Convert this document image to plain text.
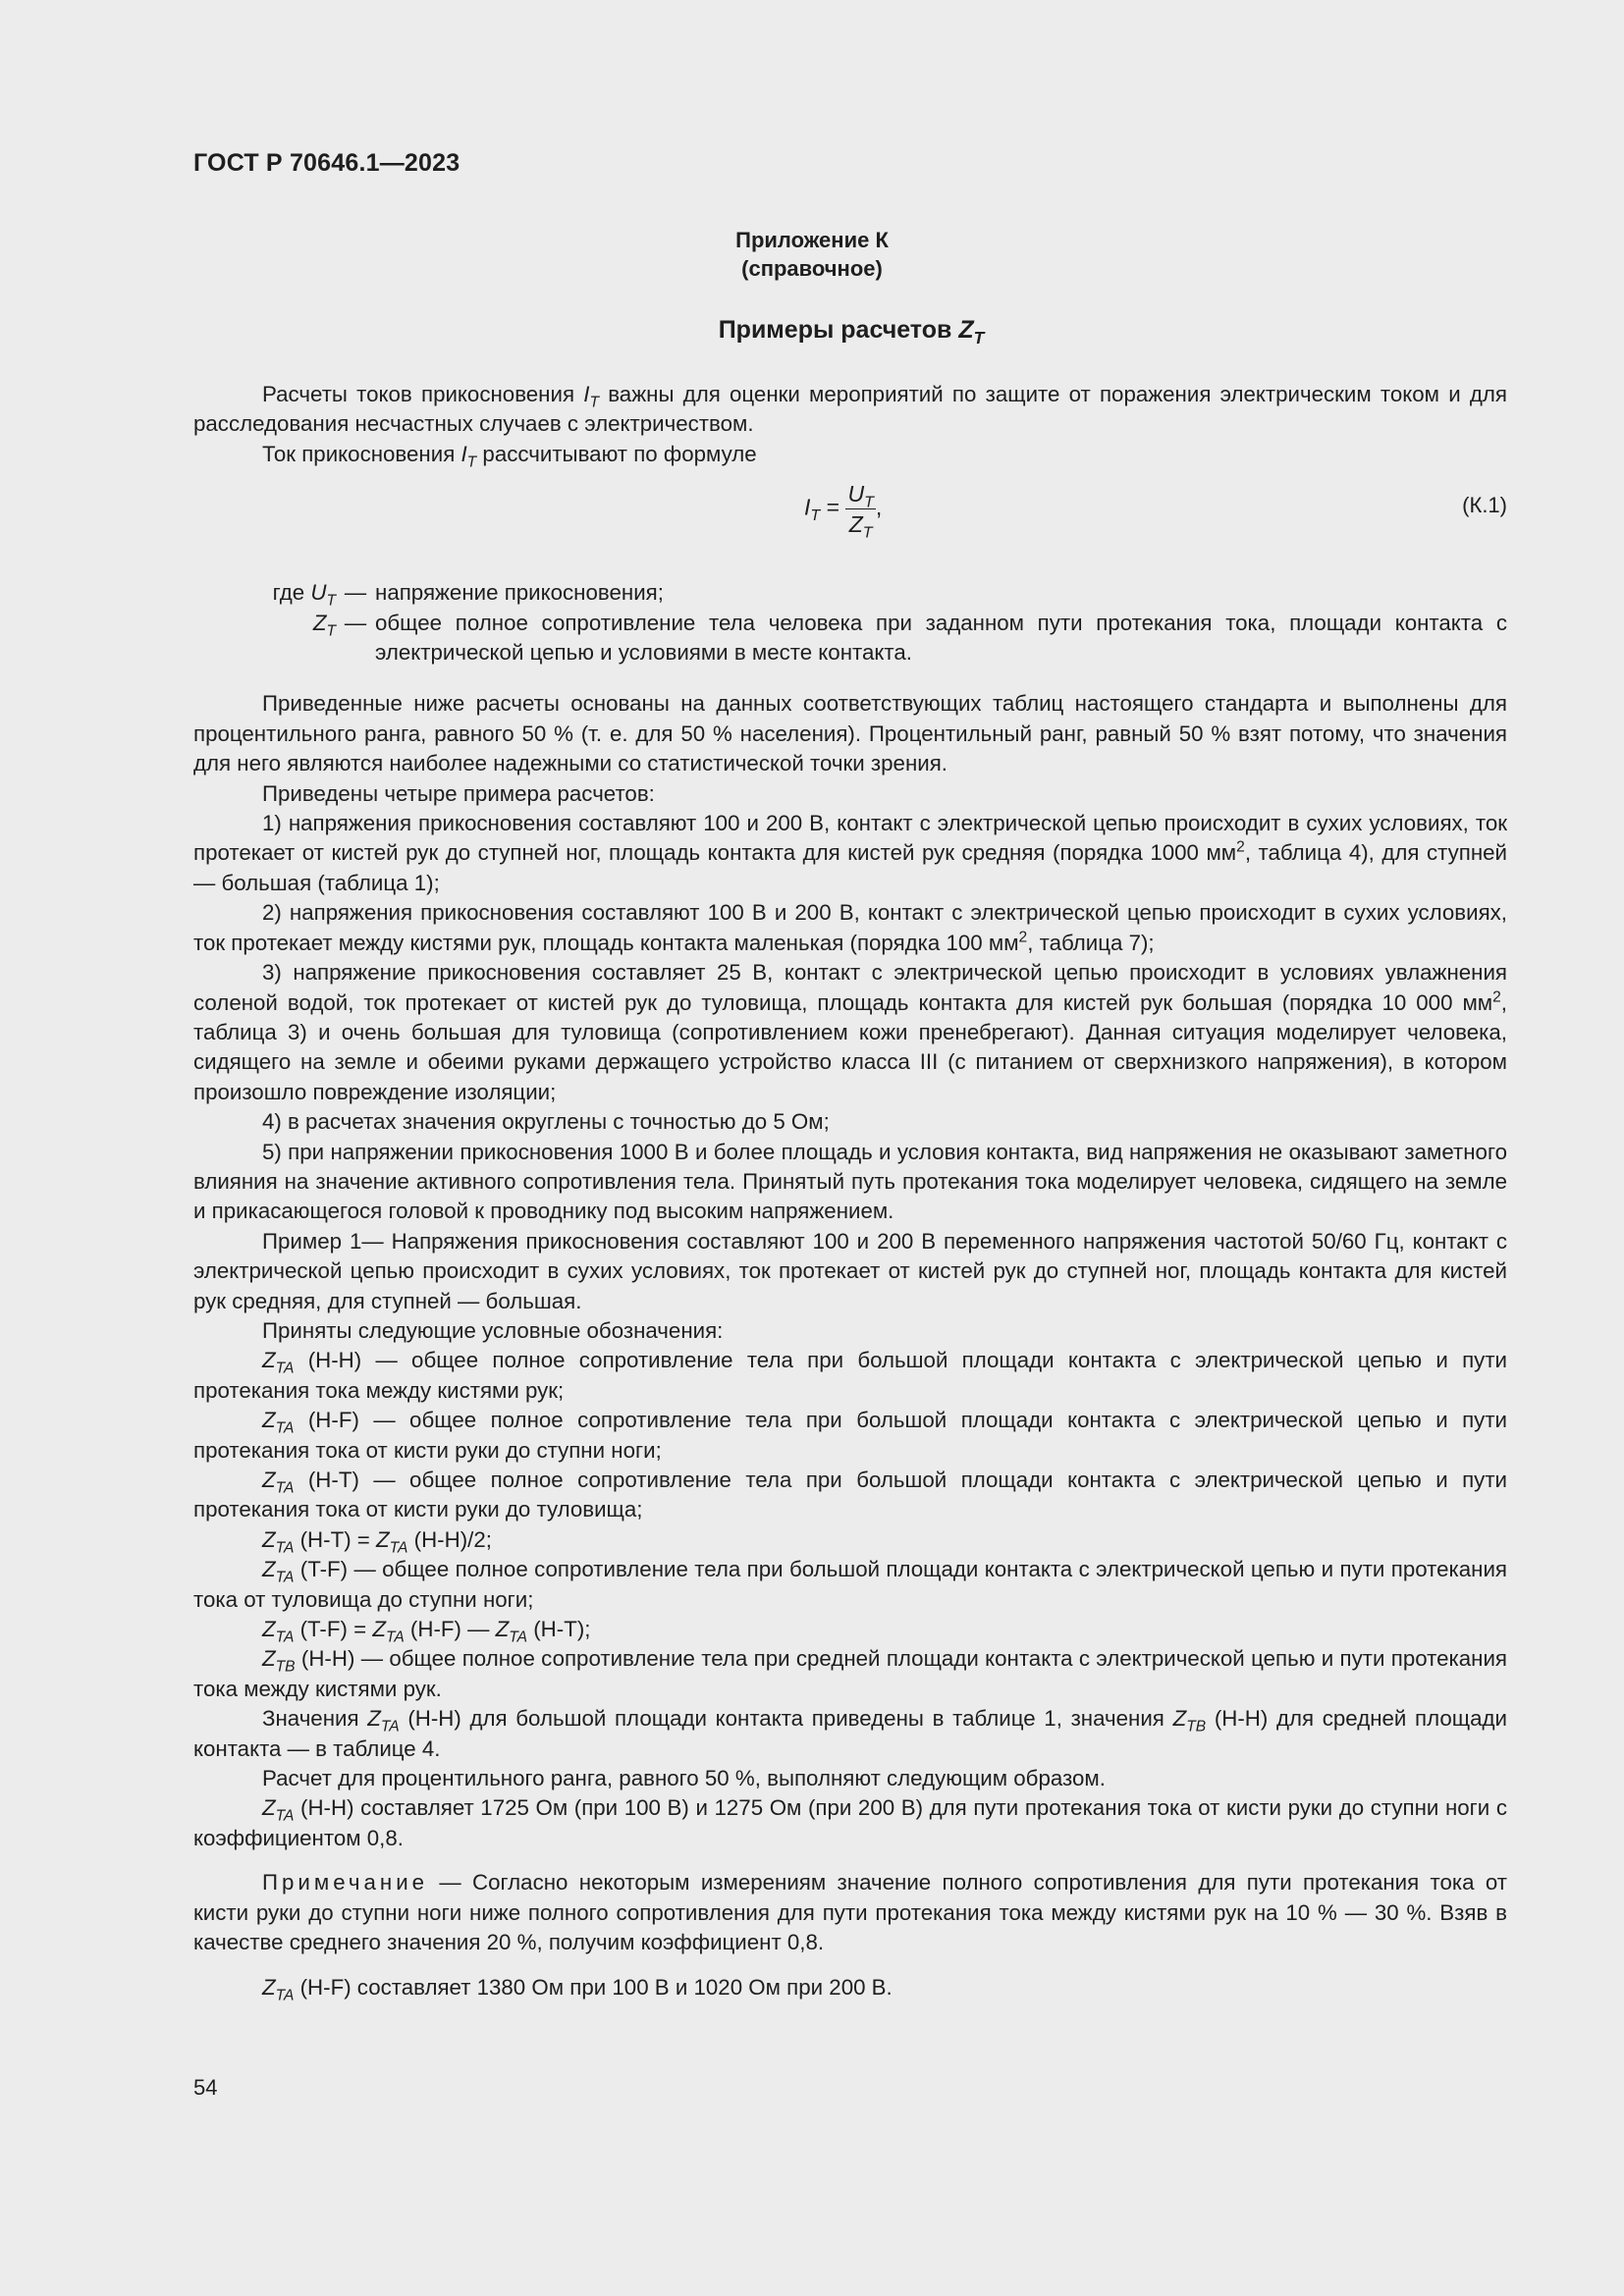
ГОСТ Р 70646.1—2023
Приложение К
(справочное)
Примеры расчетов $Z_T$

Расчеты токов прикосновения $I_T$ важны для оценки мероприятий по защите от поражения электрическим током и для расследования несчастных случаев с электричеством.

Ток прикосновения $I_T$ рассчитывают по формуле

$I_T = \frac{U_T}{Z_T}$ ,	(К.1)
где $U_T$ — напряжение прикосновения;
$Z_T$ — общее полное сопротивление тела человека при заданном пути протекания тока, площади контакта с электрической цепью и условиями в месте контакта.

Приведенные ниже расчеты основаны на данных соответствующих таблиц настоящего стандарта и выполнены для процентильного ранга, равного 50 % (т. е. для 50 % населения). Процентильный ранг, равный 50 % взят потому, что значения для него являются наиболее надежными со статистической точки зрения.

Приведены четыре примера расчетов:

1) напряжения прикосновения составляют 100 и 200 В, контакт с электрической цепью происходит в сухих условиях, ток протекает от кистей рук до ступней ног, площадь контакта для кистей рук средняя (порядка 1000 $мм^2$, таблица 4), для ступней — большая (таблица 1);

2) напряжения прикосновения составляют 100 В и 200 В, контакт с электрической цепью происходит в сухих условиях, ток протекает между кистями рук, площадь контакта маленькая (порядка 100 $мм^2$, таблица 7);

3) напряжение прикосновения составляет 25 В, контакт с электрической цепью происходит в условиях увлажнения соленой водой, ток протекает от кистей рук до туловища, площадь контакта для кистей рук большая (порядка 10 000 $мм^2$, таблица 3) и очень большая для туловища (сопротивлением кожи пренебрегают). Данная ситуация моделирует человека, сидящего на земле и обеими руками держащего устройство класса III (с питанием от сверхнизкого напряжения), в котором произошло повреждение изоляции;

4) в расчетах значения округлены с точностью до 5 Ом;

5) при напряжении прикосновения 1000 В и более площадь и условия контакта, вид напряжения не оказывают заметного влияния на значение активного сопротивления тела. Принятый путь протекания тока моделирует человека, сидящего на земле и прикасающегося головой к проводнику под высоким напряжением.

Пример 1— Напряжения прикосновения составляют 100 и 200 В переменного напряжения частотой 50/60 Гц, контакт с электрической цепью происходит в сухих условиях, ток протекает от кистей рук до ступней ног, площадь контакта для кистей рук средняя, для ступней — большая.

Приняты следующие условные обозначения:

$Z_{TA}$ (H-H) — общее полное сопротивление тела при большой площади контакта с электрической цепью и пути протекания тока между кистями рук;

$Z_{TA}$ (H-F) — общее полное сопротивление тела при большой площади контакта с электрической цепью и пути протекания тока от кисти руки до ступни ноги;

$Z_{TA}$ (H-T) — общее полное сопротивление тела при большой площади контакта с электрической цепью и пути протекания тока от кисти руки до туловища;

$Z_{TA}$ $(H-T) = Z_{TA}$ (H-H)/2;

$Z_{TA}$ (T-F) — общее полное сопротивление тела при большой площади контакта с электрической цепью и пути протекания тока от туловища до ступни ноги;

$Z_{TA}$ $(T-F) = Z_{TA}$ (H-F) — $Z_{TA}$ (H-T);

$Z_{TB}$ (H-H) — общее полное сопротивление тела при средней площади контакта с электрической цепью и пути протекания тока между кистями рук.

Значения $Z_{TA}$ (H-H) для большой площади контакта приведены в таблице 1, значения $Z_{TB}$ (H-H) для средней площади контакта — в таблице 4.

Расчет для процентильного ранга, равного 50 %, выполняют следующим образом.

$Z_{TA}$ (H-H) составляет 1725 Ом (при 100 В) и 1275 Ом (при 200 В) для пути протекания тока от кисти руки до ступни ноги с коэффициентом 0,8.

Примечание — Согласно некоторым измерениям значение полного сопротивления для пути протекания тока от кисти руки до ступни ноги ниже полного сопротивления для пути протекания тока между кистями рук на 10 % — 30 %. Взяв в качестве среднего значения 20 %, получим коэффициент 0,8.

$Z_{TA}$ (H-F) составляет 1380 Ом при 100 В и 1020 Ом при 200 В.

54
